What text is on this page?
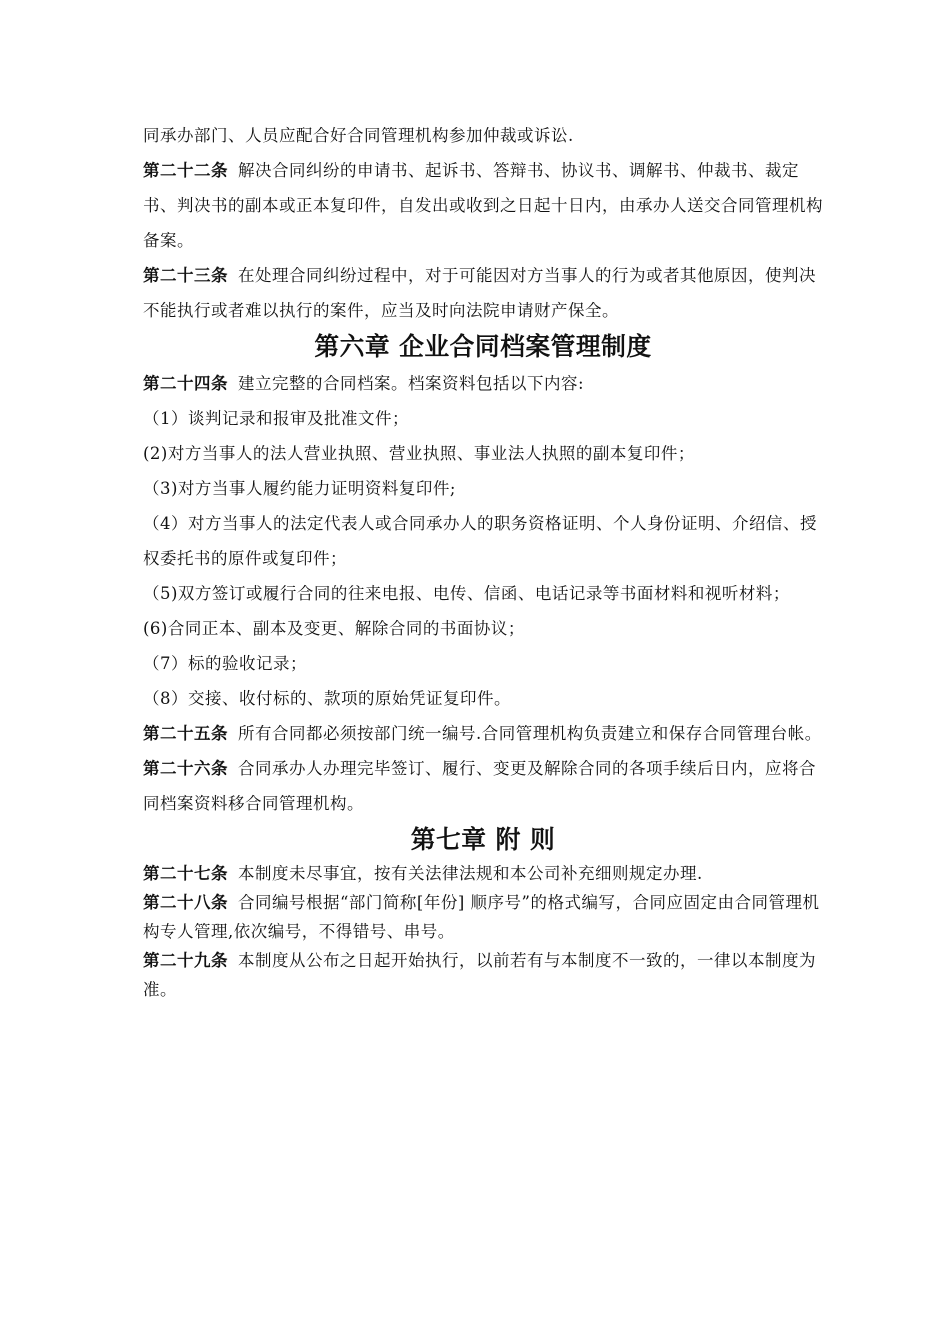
同承办部门、人员应配合好合同管理机构参加仲裁或诉讼.

第二十二条 解决合同纠纷的申请书、起诉书、答辩书、协议书、调解书、仲裁书、裁定书、判决书的副本或正本复印件，自发出或收到之日起十日内，由承办人送交合同管理机构备案。

第二十三条 在处理合同纠纷过程中，对于可能因对方当事人的行为或者其他原因，使判决不能执行或者难以执行的案件，应当及时向法院申请财产保全。

第六章 企业合同档案管理制度

第二十四条 建立完整的合同档案。档案资料包括以下内容:

（1）谈判记录和报审及批准文件；

(2)对方当事人的法人营业执照、营业执照、事业法人执照的副本复印件；

（3)对方当事人履约能力证明资料复印件;

（4）对方当事人的法定代表人或合同承办人的职务资格证明、个人身份证明、介绍信、授权委托书的原件或复印件；

（5)双方签订或履行合同的往来电报、电传、信函、电话记录等书面材料和视听材料；

(6)合同正本、副本及变更、解除合同的书面协议；

（7）标的验收记录；

（8）交接、收付标的、款项的原始凭证复印件。

第二十五条 所有合同都必须按部门统一编号.合同管理机构负责建立和保存合同管理台帐。

第二十六条 合同承办人办理完毕签订、履行、变更及解除合同的各项手续后日内，应将合同档案资料移合同管理机构。

第七章 附 则

第二十七条 本制度未尽事宜，按有关法律法规和本公司补充细则规定办理.

第二十八条 合同编号根据“部门简称[年份] 顺序号”的格式编写，合同应固定由合同管理机构专人管理,依次编号，不得错号、串号。

第二十九条 本制度从公布之日起开始执行，以前若有与本制度不一致的，一律以本制度为准。
